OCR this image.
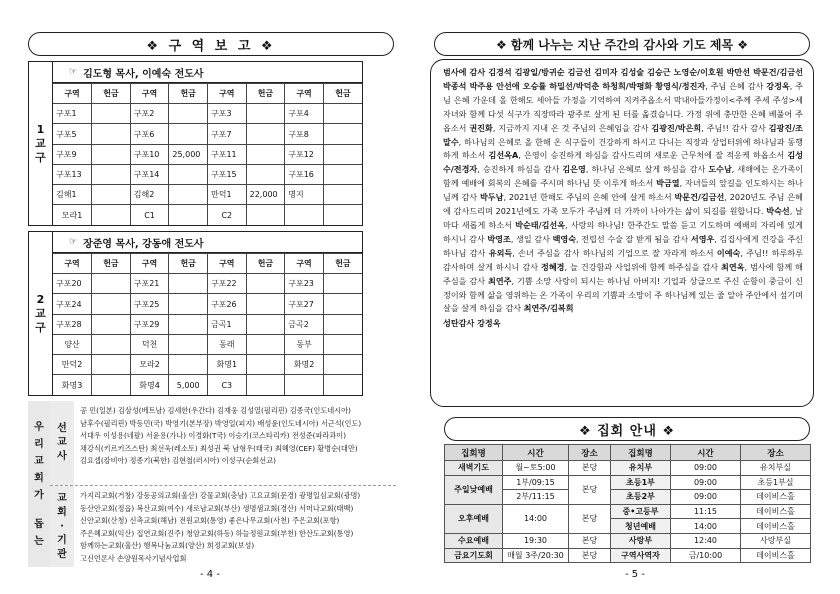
❖ 구 역 보 고 ❖
1
교
구
☞ 김도형 목사, 이예숙 전도사
구역	헌금	구역	헌금	구역	헌금	구역	헌금
구포1		구포2		구포3		구포4	
구포5		구포6		구포7		구포8	
구포9		구포10	25,000	구포11		구포12	
구포13		구포14		구포15		구포16	
김해1		김해2		만덕1	22,000	명지	
모라1		C1		C2			
2
교
구
☞ 장준영 목사, 강동애 전도사
구역	헌금	구역	헌금	구역	헌금	구역	헌금
구포20		구포21		구포22		구포23	
구포24		구포25		구포26		구포27	
구포28		구포29		금곡1		금곡2	
양산		덕천		동래		동부	
만덕2		모라2		화명1		화명2	
화명3		화명4	5,000	C3			
우
리
교
회
가
돕
는
선
교
사
공 민(일본) 김삼성(베트남) 김세한(우간다) 김재웅 김성열(필리핀) 김종국(인도네시아)
남후수(필리핀) 박동민(국) 박영기(본부장) 박영일(피지) 배성윤(인도네시아) 서근석(인도)
서대우 이성용(네팔) 서윤용(가나) 이경화(T국) 이승기(코스타리카) 전성준(파라과이)
채강식(키르키즈스탄) 최선욱(레소토) 최성권 북 남형우(태국) 최혜영(CEF) 황병순(대만)
김요셉(캄비아) 정종기(북한) 김현철(러시아) 이성구(순회선교)
교
회
·
기
관
가지리교회(거창) 강동공의교회(울산) 강물교회(충남) 고요교회(문경) 광명일심교회(광명)
동산안교회(정읍) 복산교회(여수) 새로남교회(부산) 생명샘교회(경산) 서머나교회(태백)
신안교회(산청) 신촉교회(해남) 전원교회(통영) 좋은나무교회(사천) 주은교회(포항)
주은혜교회(익산) 집연교회(진주) 청암교회(하동) 하늘정원교회(부천) 한산도교회(통영)
함께하는교회(울산) 행복나눔교회(양산) 희정교회(보성)
고신언론사 손양원목사기념사업회
- 4 -
❖ 함께 나누는 지난 주간의 감사와 기도 제목 ❖
범사에 감사 김경석 김광일/방귀순 김금선 김미자 김성술 김승근 노영순/이호원 박만선 박문건/김금선 박종석 박주용 안선애 오승률 하밀선/박덕춘 하청희/박평화 황영식/정진자, 주님 은혜 감사 강정옥, 주님 은혜 가운데 올 한해도 세아들 가정을 기억하여 지켜주옵소서 막내아들가정이<주께 주세 주성>세자녀와 함께 다섯 식구가 직장따라 광주로 살게 된 터를 옮겼습니다. 가정 위에 충만한 은혜 베풀어 주옵소서 권진화, 지금까지 지내 온 것 주님의 은혜임을 감사 김광진/박은희, 주님!! 감사 감사 김광진/조말수, 하나님의 은혜로 올 한해 온 식구들이 건강하게 하시고 다니는 직장과 상업터위에 하나님과 동행하게 하소서 김선옥A, 은영이 승진하게 하심을 감사드리며 새로운 근무처에 잘 적응케 하옵소서 김성수/전경자, 승진하게 하심을 감사 김은영, 하나님 은혜로 살게 하심을 감사 도수남, 새해에는 온가족이 함께 예배에 회복의 은혜를 주시며 하나님 뜻 이루게 하소서 박금열, 자녀들의 앞길을 인도하시는 하나님께 감사 박두남, 2021년 한해도 주님의 은혜 안에 살게 하소서 박문건/김금선, 2020년도 주님 은혜에 감사드리며 2021년에도 가족 모두가 주님께 더 가까이 나아가는 삶이 되길를 원합니다. 박숙선, 날마다 새롭게 하소서 박순태/김선옥, 사랑의 하나님! 한주간도 말씀 듣고 기도하며 예배의 자리에 있게하시니 감사 박영조, 생일 감사 백영숙, 전립선 수술 잘 받게 됨을 감사 서영우, 김집사에게 건강을 주신 하나님 감사 유외득, 손녀 주심을 감사 하나님의 기업으로 잘 자라게 하소서 이예숙, 주님!! 하루하루 감사하며 살게 하시니 감사 정혜경, 늘 건강함과 사업위에 함께 하주심을 감사 최연옥, 범사에 함께 해 주심을 감사 최연주, 기쁨 소망 사랑이 되시는 하나님 아버지! 기업과 상급으로 주신 순함이 중금이 신정이와 함께 삶을 영위하는 온 가족이 우리의 기쁨과 소망이 주 하나님께 있는 줄 알아 주안에서 섬기며 살을 살게 하심을 감사 최연주/김복희
성탄감사 강정옥
❖ 집회 안내 ❖
집회명	시간	장소	집회명	시간	장소
새벽기도	월~토5:00	본당	유치부	09:00	유치부실
주일낮예배	1부/09:15	본당	초등1부	09:00	초등1부실
	2부/11:15		초등2부	09:00	데이비스홀
오후예배	14:00	본당	중•고등부	11:15	데이비스홀
			청년예배	14:00	데이비스홀
수요예배	19:30	본당	사랑부	12:40	사랑부실
금요기도회	매월 3주/20:30	본당	구역사역자	금/10:00	데이비스홀
- 5 -
